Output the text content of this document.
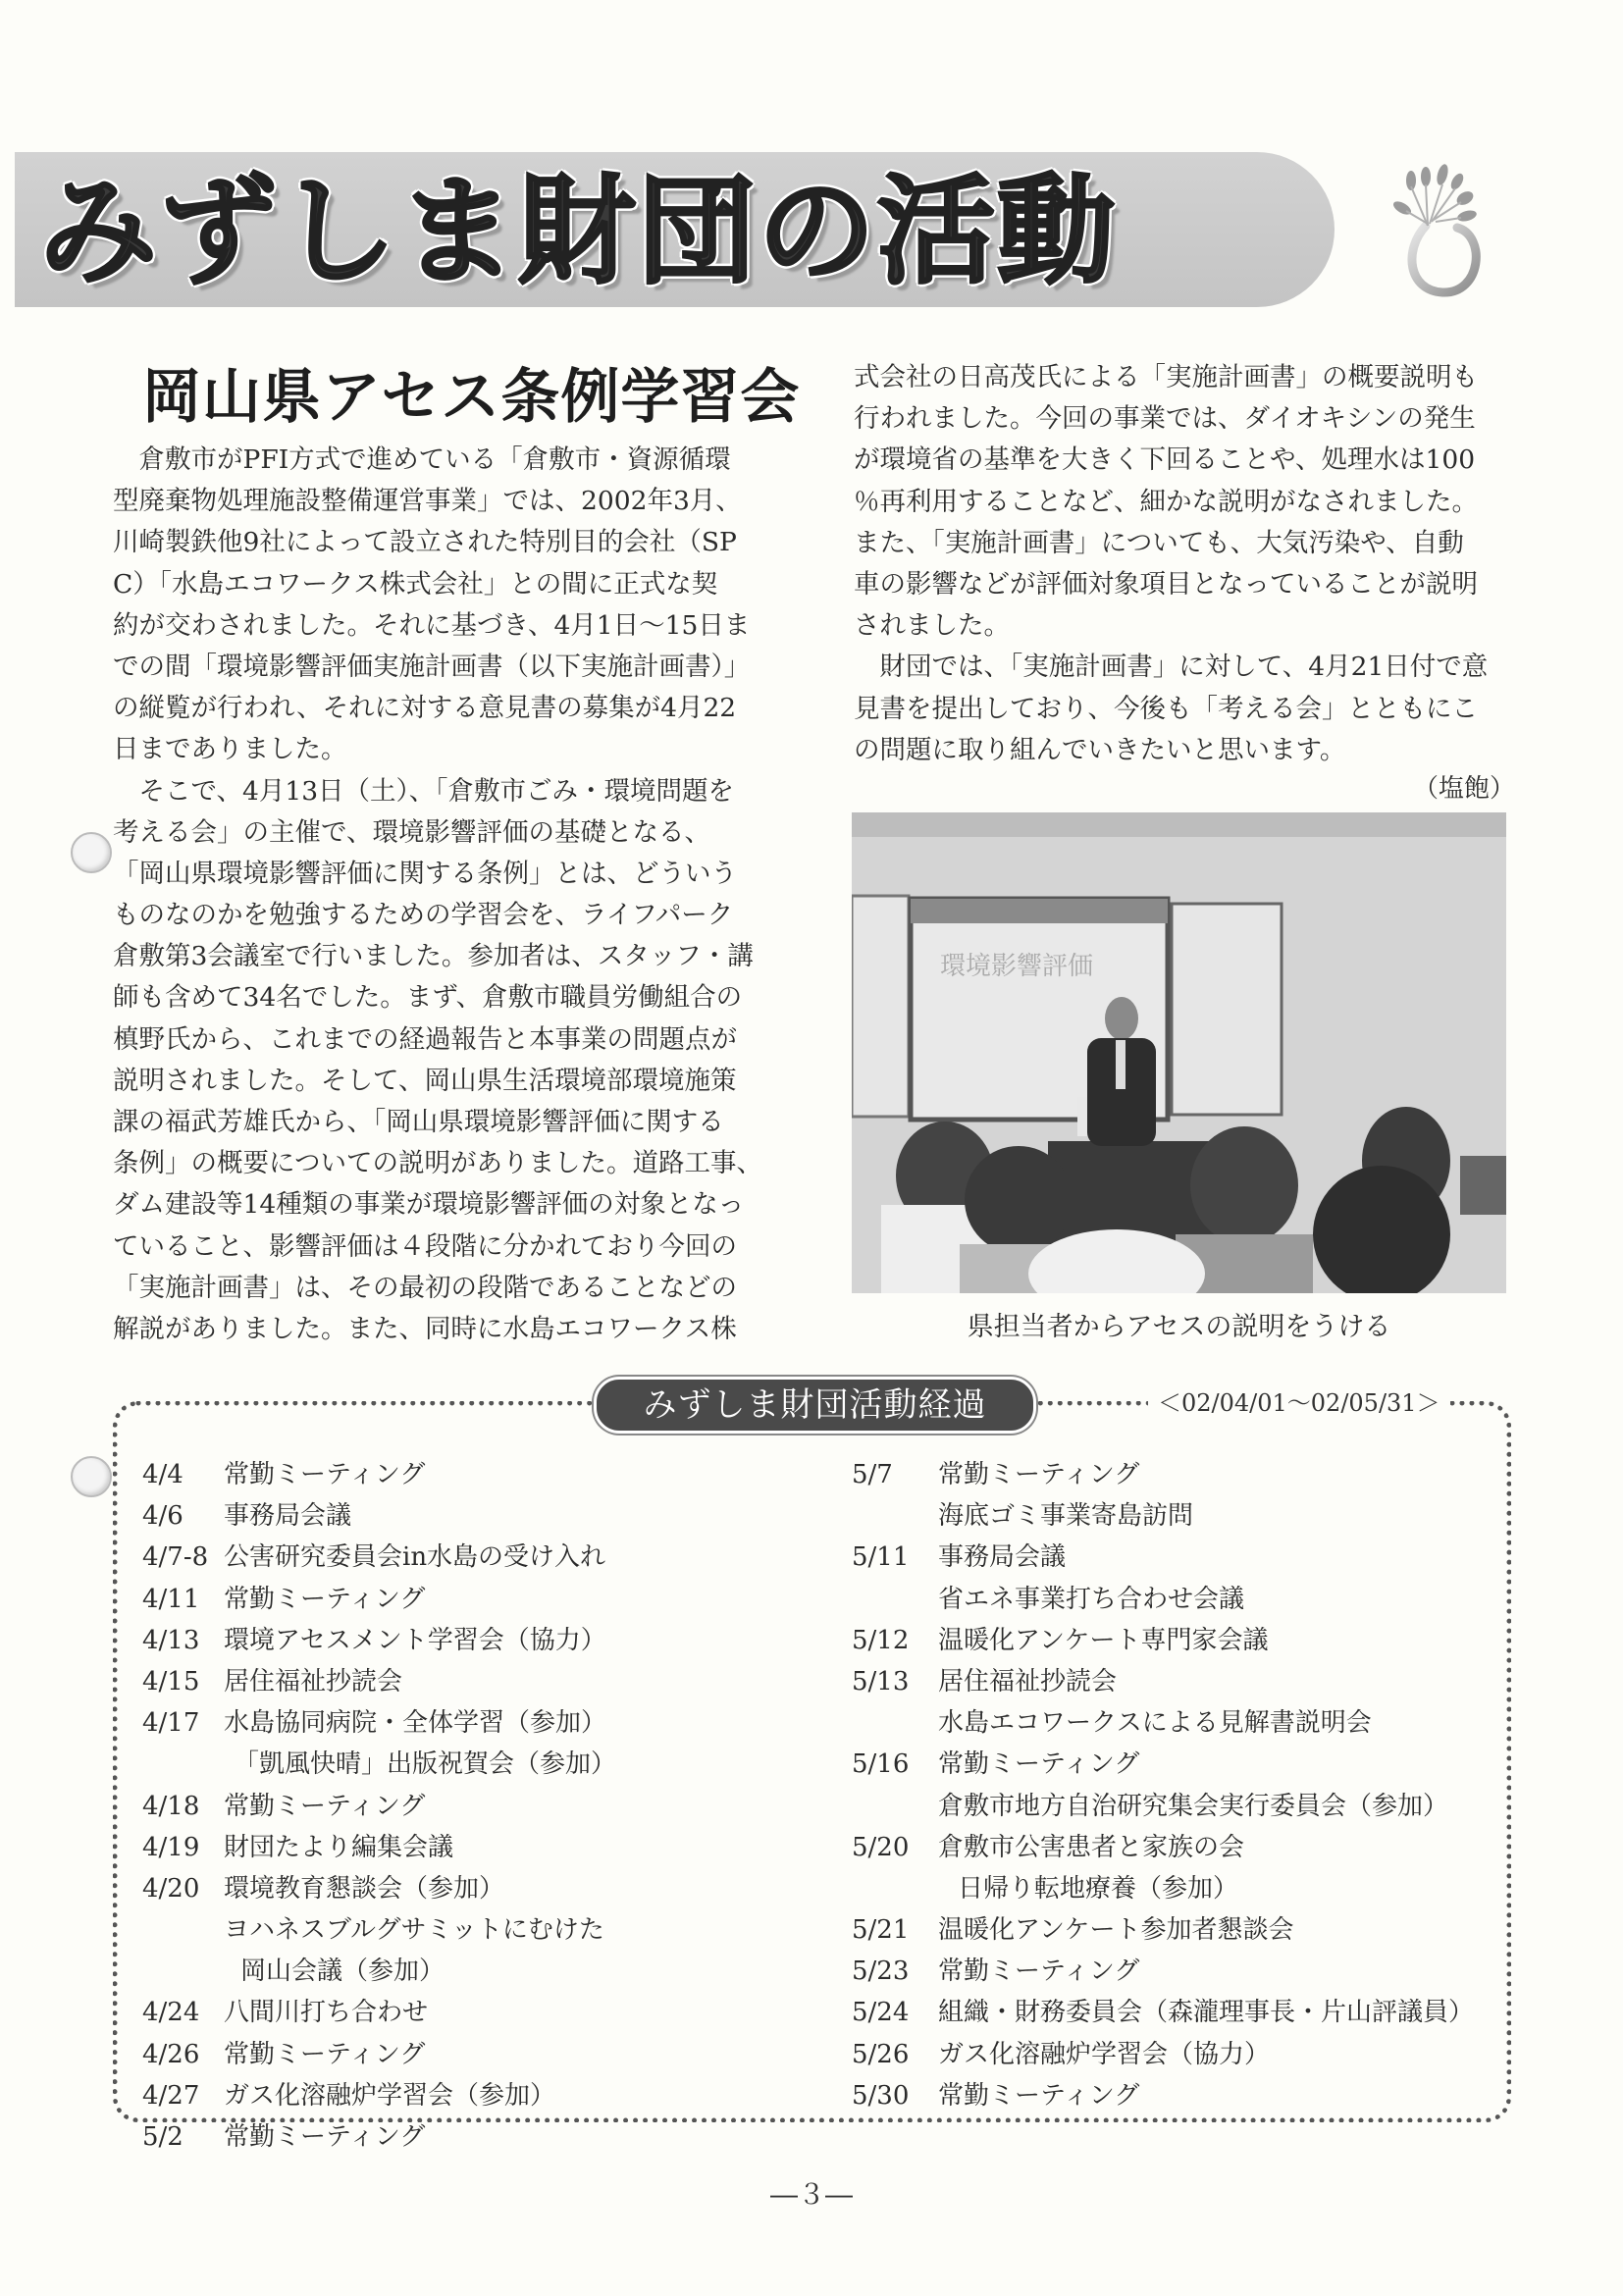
みずしま財団の活動
岡山県アセス条例学習会
　倉敷市がPFI方式で進めている「倉敷市・資源循環
型廃棄物処理施設整備運営事業」では、2002年3月、
川崎製鉄他9社によって設立された特別目的会社（SP
C）「水島エコワークス株式会社」との間に正式な契
約が交わされました。それに基づき、4月1日～15日ま
での間「環境影響評価実施計画書（以下実施計画書）」
の縦覧が行われ、それに対する意見書の募集が4月22
日までありました。
　そこで、4月13日（土）、「倉敷市ごみ・環境問題を
考える会」の主催で、環境影響評価の基礎となる、
「岡山県環境影響評価に関する条例」とは、どういう
ものなのかを勉強するための学習会を、ライフパーク
倉敷第3会議室で行いました。参加者は、スタッフ・講
師も含めて34名でした。まず、倉敷市職員労働組合の
槙野氏から、これまでの経過報告と本事業の問題点が
説明されました。そして、岡山県生活環境部環境施策
課の福武芳雄氏から、「岡山県環境影響評価に関する
条例」の概要についての説明がありました。道路工事、
ダム建設等14種類の事業が環境影響評価の対象となっ
ていること、影響評価は４段階に分かれており今回の
「実施計画書」は、その最初の段階であることなどの
解説がありました。また、同時に水島エコワークス株
式会社の日高茂氏による「実施計画書」の概要説明も
行われました。今回の事業では、ダイオキシンの発生
が環境省の基準を大きく下回ることや、処理水は100
％再利用することなど、細かな説明がなされました。
また、「実施計画書」についても、大気汚染や、自動
車の影響などが評価対象項目となっていることが説明
されました。
　財団では、「実施計画書」に対して、4月21日付で意
見書を提出しており、今後も「考える会」とともにこ
の問題に取り組んでいきたいと思います。
（塩飽）
環境影響評価
県担当者からアセスの説明をうける
みずしま財団活動経過	＜02/04/01～02/05/31＞
4/4 常勤ミーティング
4/6 事務局会議
4/7-8 公害研究委員会in水島の受け入れ
4/11 常勤ミーティング
4/13 環境アセスメント学習会（協力）
4/15 居住福祉抄読会
4/17 水島協同病院・全体学習（参加）
「凱風快晴」出版祝賀会（参加）
4/18 常勤ミーティング
4/19 財団たより編集会議
4/20 環境教育懇談会（参加）
ヨハネスブルグサミットにむけた
岡山会議（参加）
4/24 八間川打ち合わせ
4/26 常勤ミーティング
4/27 ガス化溶融炉学習会（参加）
5/2 常勤ミーティング
5/7 常勤ミーティング
海底ゴミ事業寄島訪問
5/11 事務局会議
省エネ事業打ち合わせ会議
5/12 温暖化アンケート専門家会議
5/13 居住福祉抄読会
水島エコワークスによる見解書説明会
5/16 常勤ミーティング
倉敷市地方自治研究集会実行委員会（参加）
5/20 倉敷市公害患者と家族の会
日帰り転地療養（参加）
5/21 温暖化アンケート参加者懇談会
5/23 常勤ミーティング
5/24 組織・財務委員会（森瀧理事長・片山評議員）
5/26 ガス化溶融炉学習会（協力）
5/30 常勤ミーティング
―３―
